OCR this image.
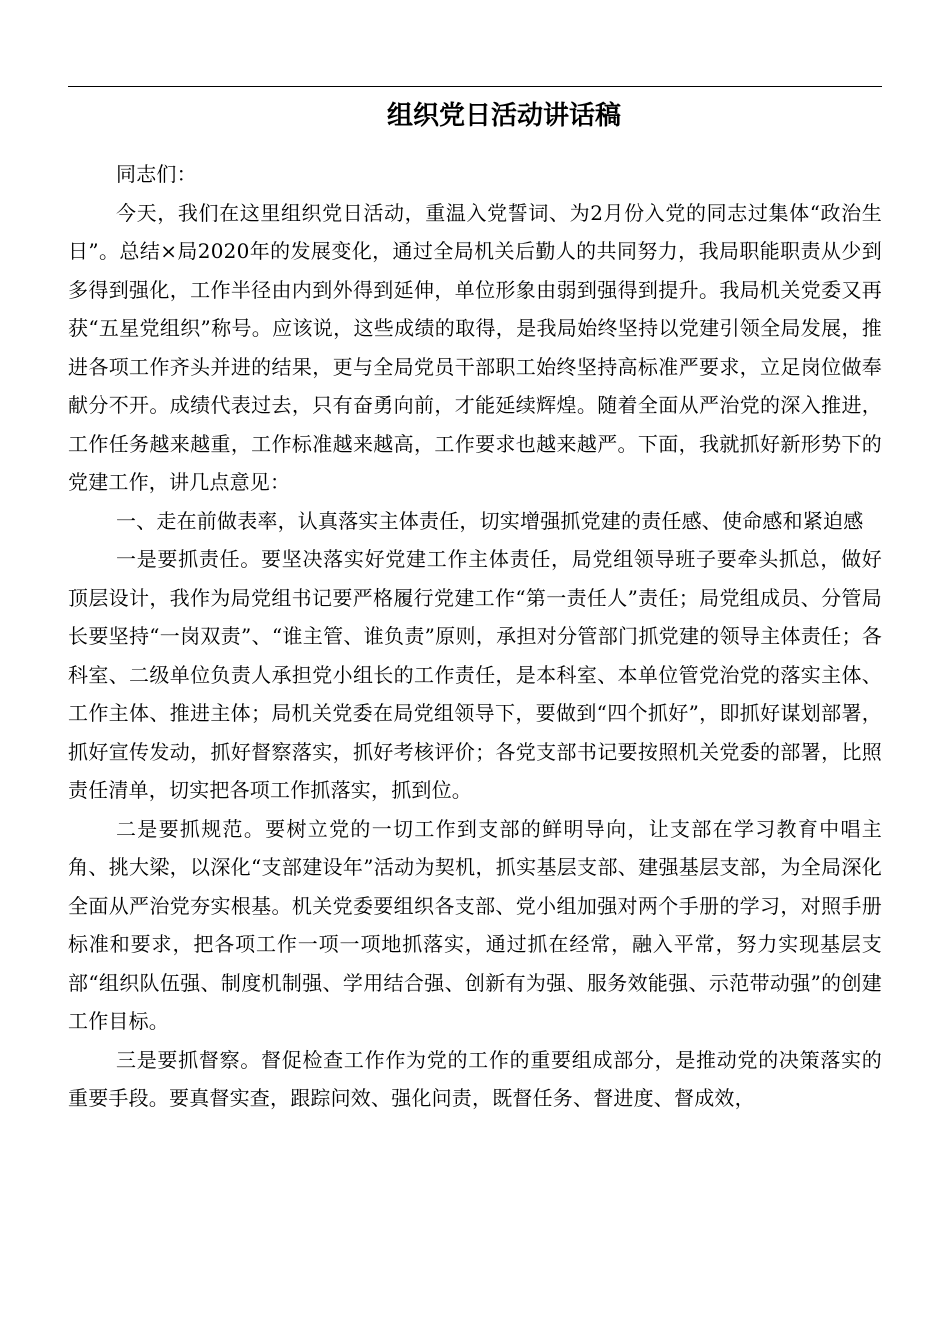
组织党日活动讲话稿

同志们：

今天，我们在这里组织党日活动，重温入党誓词、为2月份入党的同志过集体“政治生日”。总结×局2020年的发展变化，通过全局机关后勤人的共同努力，我局职能职责从少到多得到强化，工作半径由内到外得到延伸，单位形象由弱到强得到提升。我局机关党委又再获“五星党组织”称号。应该说，这些成绩的取得，是我局始终坚持以党建引领全局发展，推进各项工作齐头并进的结果，更与全局党员干部职工始终坚持高标准严要求，立足岗位做奉献分不开。成绩代表过去，只有奋勇向前，才能延续辉煌。随着全面从严治党的深入推进，工作任务越来越重，工作标准越来越高，工作要求也越来越严。下面，我就抓好新形势下的党建工作，讲几点意见：

一、走在前做表率，认真落实主体责任，切实增强抓党建的责任感、使命感和紧迫感

一是要抓责任。要坚决落实好党建工作主体责任，局党组领导班子要牵头抓总，做好顶层设计，我作为局党组书记要严格履行党建工作“第一责任人”责任；局党组成员、分管局长要坚持“一岗双责”、“谁主管、谁负责”原则，承担对分管部门抓党建的领导主体责任；各科室、二级单位负责人承担党小组长的工作责任，是本科室、本单位管党治党的落实主体、工作主体、推进主体；局机关党委在局党组领导下，要做到“四个抓好”，即抓好谋划部署，抓好宣传发动，抓好督察落实，抓好考核评价；各党支部书记要按照机关党委的部署，比照责任清单，切实把各项工作抓落实，抓到位。

二是要抓规范。要树立党的一切工作到支部的鲜明导向，让支部在学习教育中唱主角、挑大梁，以深化“支部建设年”活动为契机，抓实基层支部、建强基层支部，为全局深化全面从严治党夯实根基。机关党委要组织各支部、党小组加强对两个手册的学习，对照手册标准和要求，把各项工作一项一项地抓落实，通过抓在经常，融入平常，努力实现基层支部“组织队伍强、制度机制强、学用结合强、创新有为强、服务效能强、示范带动强”的创建工作目标。

三是要抓督察。督促检查工作作为党的工作的重要组成部分，是推动党的决策落实的重要手段。要真督实查，跟踪问效、强化问责，既督任务、督进度、督成效，
